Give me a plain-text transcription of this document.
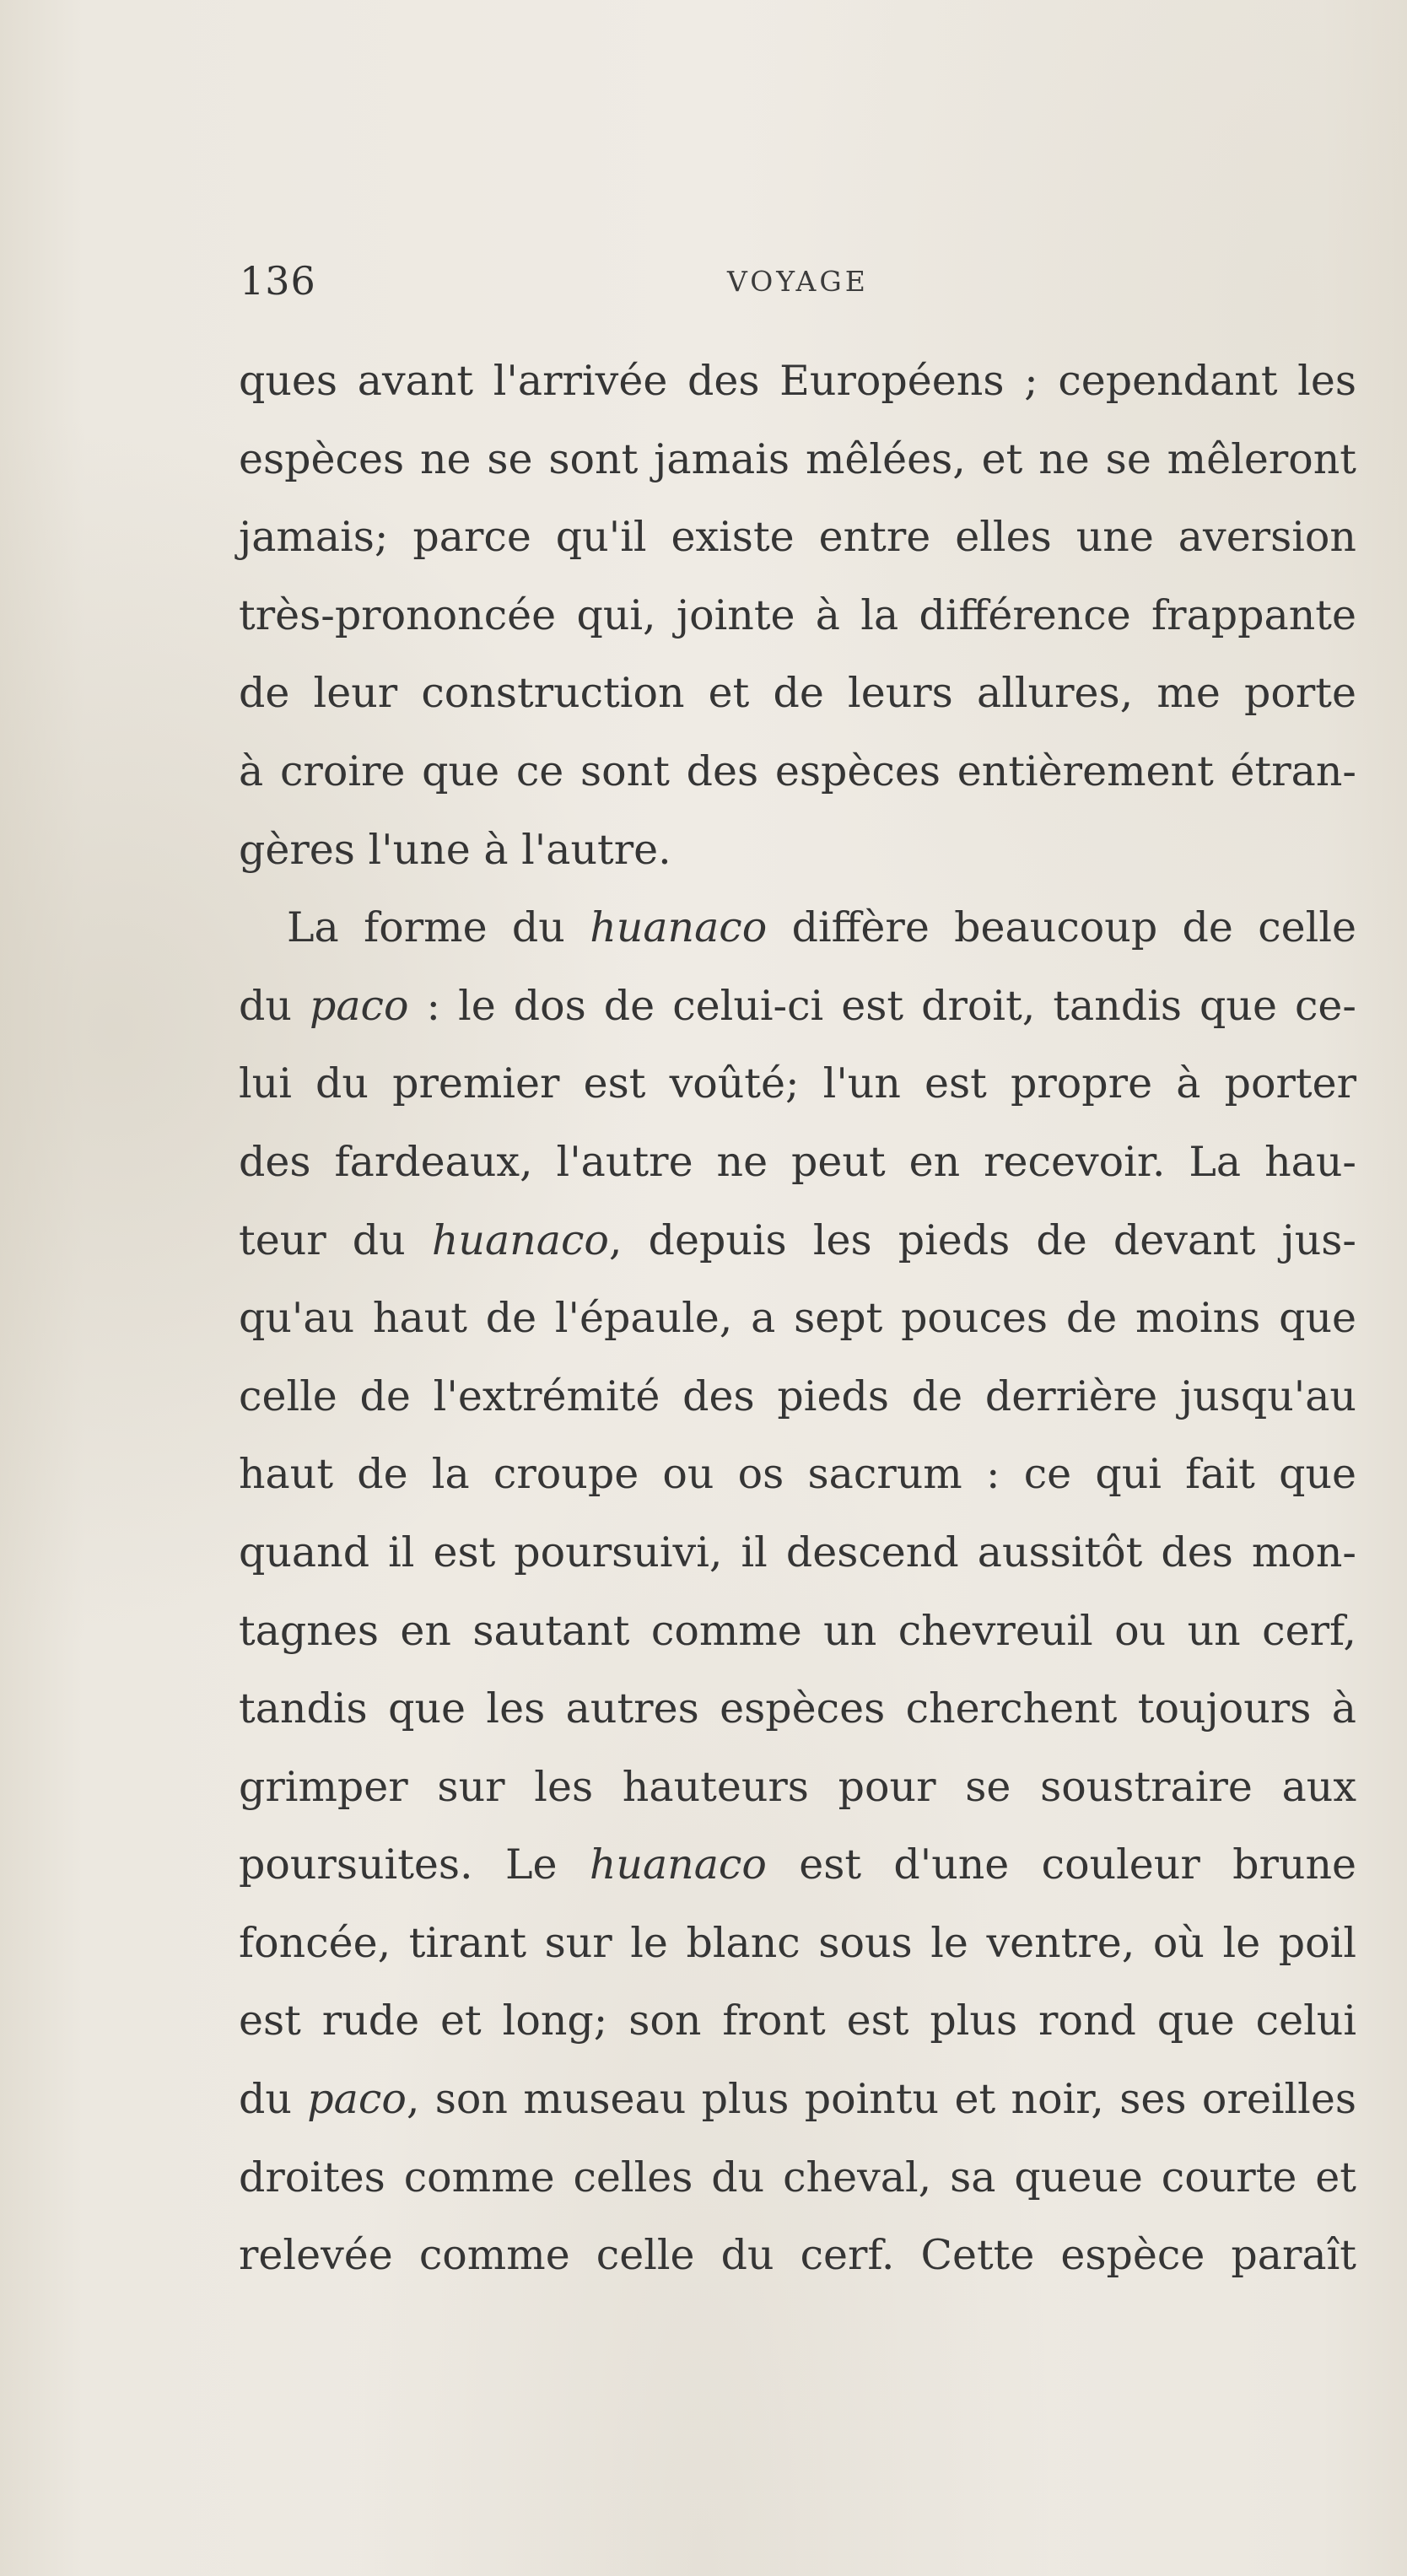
136	VOYAGE
ques avant l'arrivée des Européens ; cependant les
espèces ne se sont jamais mêlées, et ne se mêleront
jamais; parce qu'il existe entre elles une aversion
très-prononcée qui, jointe à la différence frappante
de leur construction et de leurs allures, me porte
à croire que ce sont des espèces entièrement étran-
gères l'une à l'autre.
La forme du huanaco diffère beaucoup de celle
du paco : le dos de celui-ci est droit, tandis que ce-
lui du premier est voûté; l'un est propre à porter
des fardeaux, l'autre ne peut en recevoir. La hau-
teur du huanaco, depuis les pieds de devant jus-
qu'au haut de l'épaule, a sept pouces de moins que
celle de l'extrémité des pieds de derrière jusqu'au
haut de la croupe ou os sacrum : ce qui fait que
quand il est poursuivi, il descend aussitôt des mon-
tagnes en sautant comme un chevreuil ou un cerf,
tandis que les autres espèces cherchent toujours à
grimper sur les hauteurs pour se soustraire aux
poursuites. Le huanaco est d'une couleur brune
foncée, tirant sur le blanc sous le ventre, où le poil
est rude et long; son front est plus rond que celui
du paco, son museau plus pointu et noir, ses oreilles
droites comme celles du cheval, sa queue courte et
relevée comme celle du cerf. Cette espèce paraît
